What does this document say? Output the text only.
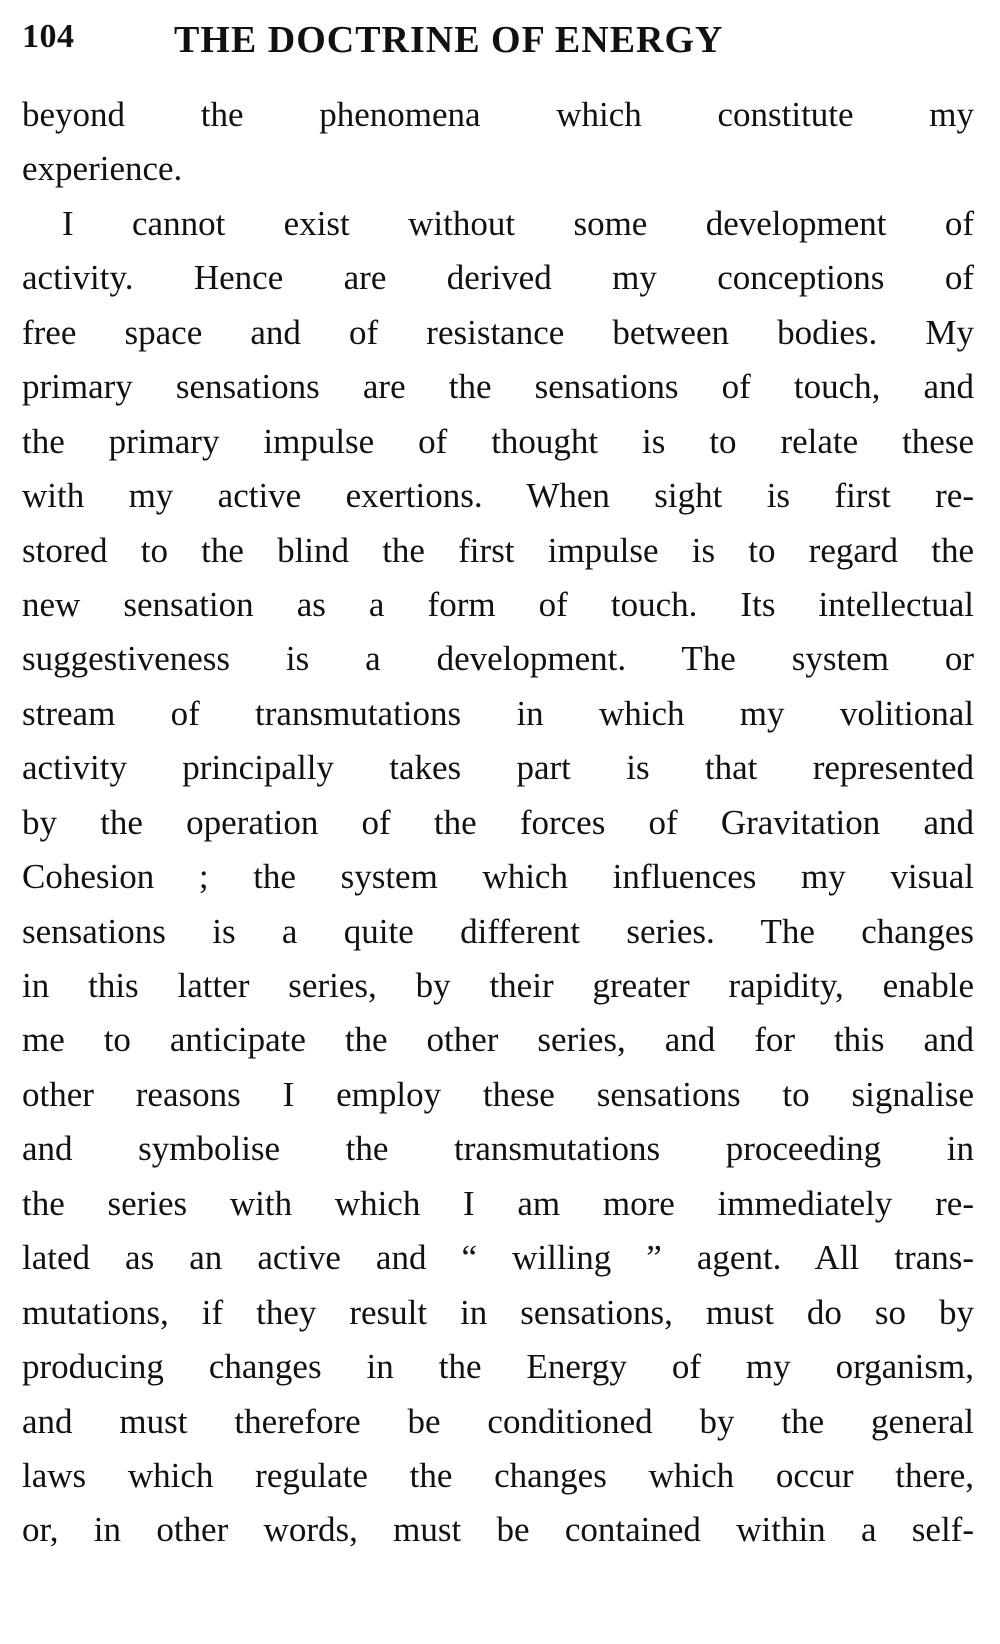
104	THE DOCTRINE OF ENERGY
beyond the phenomena which constitute my
experience.
I cannot exist without some development of
activity. Hence are derived my conceptions of
free space and of resistance between bodies. My
primary sensations are the sensations of touch, and
the primary impulse of thought is to relate these
with my active exertions. When sight is first re-
stored to the blind the first impulse is to regard the
new sensation as a form of touch. Its intellectual
suggestiveness is a development. The system or
stream of transmutations in which my volitional
activity principally takes part is that represented
by the operation of the forces of Gravitation and
Cohesion ; the system which influences my visual
sensations is a quite different series. The changes
in this latter series, by their greater rapidity, enable
me to anticipate the other series, and for this and
other reasons I employ these sensations to signalise
and symbolise the transmutations proceeding in
the series with which I am more immediately re-
lated as an active and “ willing ” agent. All trans-
mutations, if they result in sensations, must do so by
producing changes in the Energy of my organism,
and must therefore be conditioned by the general
laws which regulate the changes which occur there,
or, in other words, must be contained within a self-
